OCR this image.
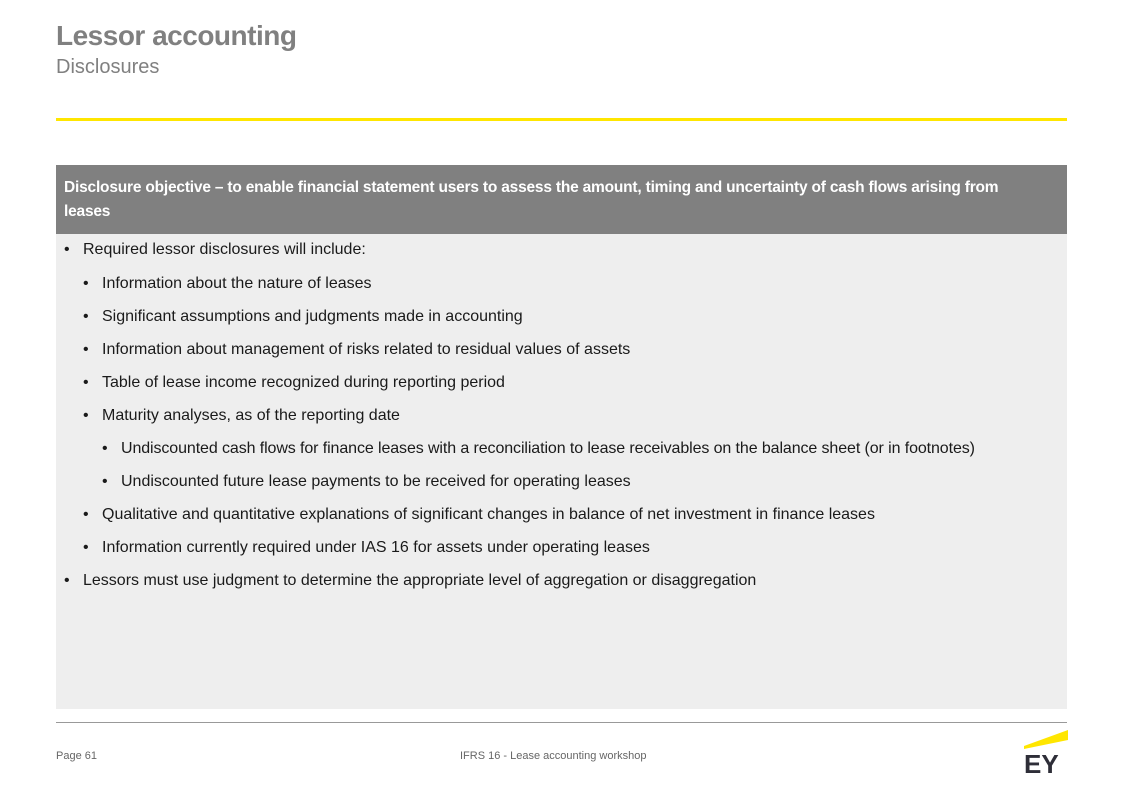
Lessor accounting
Disclosures
Disclosure objective – to enable financial statement users to assess the amount, timing and uncertainty of cash flows arising from leases
• Required lessor disclosures will include:
• Information about the nature of leases
• Significant assumptions and judgments made in accounting
• Information about management of risks related to residual values of assets
• Table of lease income recognized during reporting period
• Maturity analyses, as of the reporting date
• Undiscounted cash flows for finance leases with a reconciliation to lease receivables on the balance sheet (or in footnotes)
• Undiscounted future lease payments to be received for operating leases
• Qualitative and quantitative explanations of significant changes in balance of net investment in finance leases
• Information currently required under IAS 16 for assets under operating leases
• Lessors must use judgment to determine the appropriate level of aggregation or disaggregation
Page 61	IFRS 16 - Lease accounting workshop	EY
